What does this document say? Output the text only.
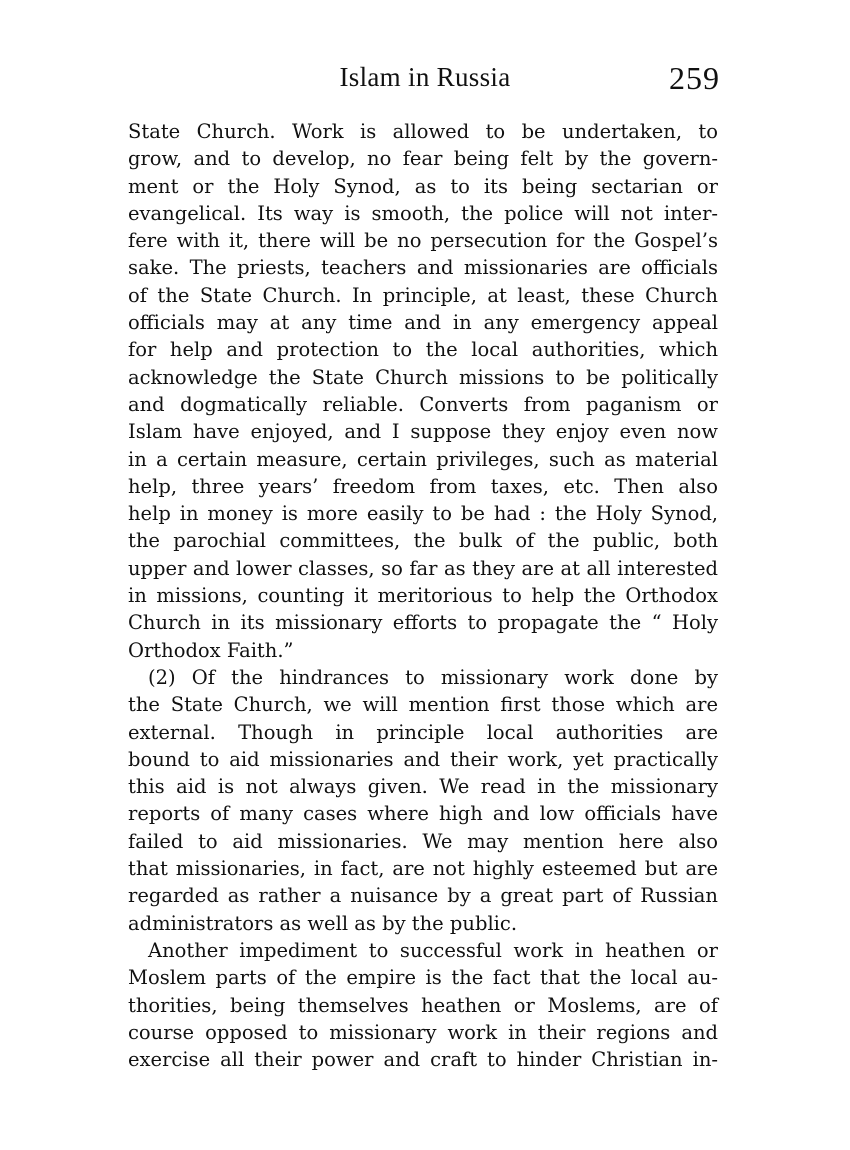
Islam in Russia	259
State Church. Work is allowed to be undertaken, to
grow, and to develop, no fear being felt by the govern-
ment or the Holy Synod, as to its being sectarian or
evangelical. Its way is smooth, the police will not inter-
fere with it, there will be no persecution for the Gospel’s
sake. The priests, teachers and missionaries are officials
of the State Church. In principle, at least, these Church
officials may at any time and in any emergency appeal
for help and protection to the local authorities, which
acknowledge the State Church missions to be politically
and dogmatically reliable. Converts from paganism or
Islam have enjoyed, and I suppose they enjoy even now
in a certain measure, certain privileges, such as material
help, three years’ freedom from taxes, etc. Then also
help in money is more easily to be had : the Holy Synod,
the parochial committees, the bulk of the public, both
upper and lower classes, so far as they are at all interested
in missions, counting it meritorious to help the Orthodox
Church in its missionary efforts to propagate the “ Holy
Orthodox Faith.”
(2) Of the hindrances to missionary work done by
the State Church, we will mention first those which are
external. Though in principle local authorities are
bound to aid missionaries and their work, yet practically
this aid is not always given. We read in the missionary
reports of many cases where high and low officials have
failed to aid missionaries. We may mention here also
that missionaries, in fact, are not highly esteemed but are
regarded as rather a nuisance by a great part of Russian
administrators as well as by the public.
Another impediment to successful work in heathen or
Moslem parts of the empire is the fact that the local au-
thorities, being themselves heathen or Moslems, are of
course opposed to missionary work in their regions and
exercise all their power and craft to hinder Christian in-
